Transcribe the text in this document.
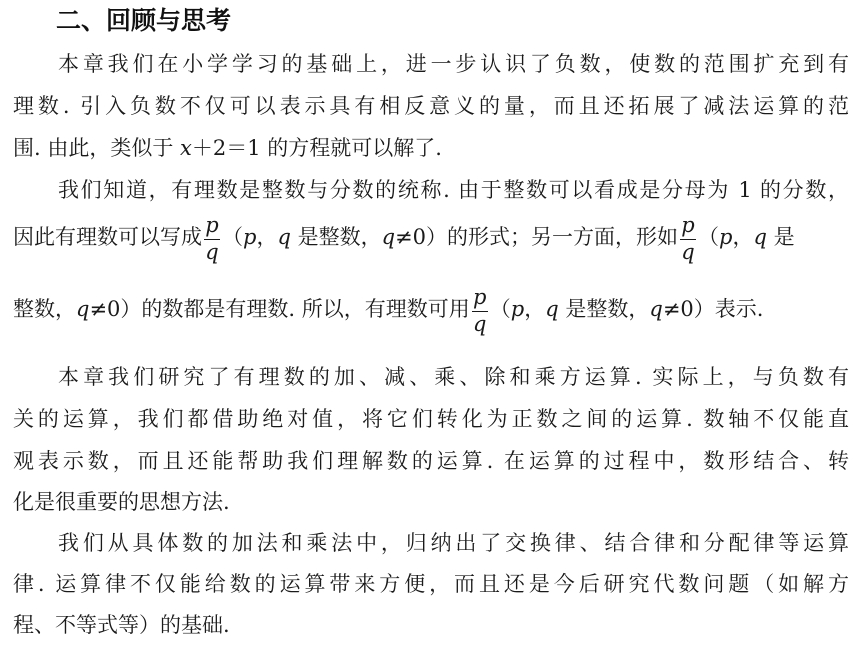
二、回顾与思考
本章我们在小学学习的基础上，进一步认识了负数，使数的范围扩充到有
理数. 引入负数不仅可以表示具有相反意义的量，而且还拓展了减法运算的范
围. 由此，类似于 x＋2＝1 的方程就可以解了.
我们知道，有理数是整数与分数的统称. 由于整数可以看成是分母为 1 的分数，
因此有理数可以写成 $\frac{p}{q} (p$，q 是整数，q≠0）的形式；另一方面，形如 $\frac{p}{q} (p$，q 是
整数，q≠0）的数都是有理数. 所以，有理数可用 $\frac{p}{q} (p$，q 是整数，q≠0）表示.
本章我们研究了有理数的加、减、乘、除和乘方运算. 实际上，与负数有
关的运算，我们都借助绝对值，将它们转化为正数之间的运算. 数轴不仅能直
观表示数，而且还能帮助我们理解数的运算. 在运算的过程中，数形结合、转
化是很重要的思想方法.
我们从具体数的加法和乘法中，归纳出了交换律、结合律和分配律等运算
律. 运算律不仅能给数的运算带来方便，而且还是今后研究代数问题（如解方
程、不等式等）的基础.
